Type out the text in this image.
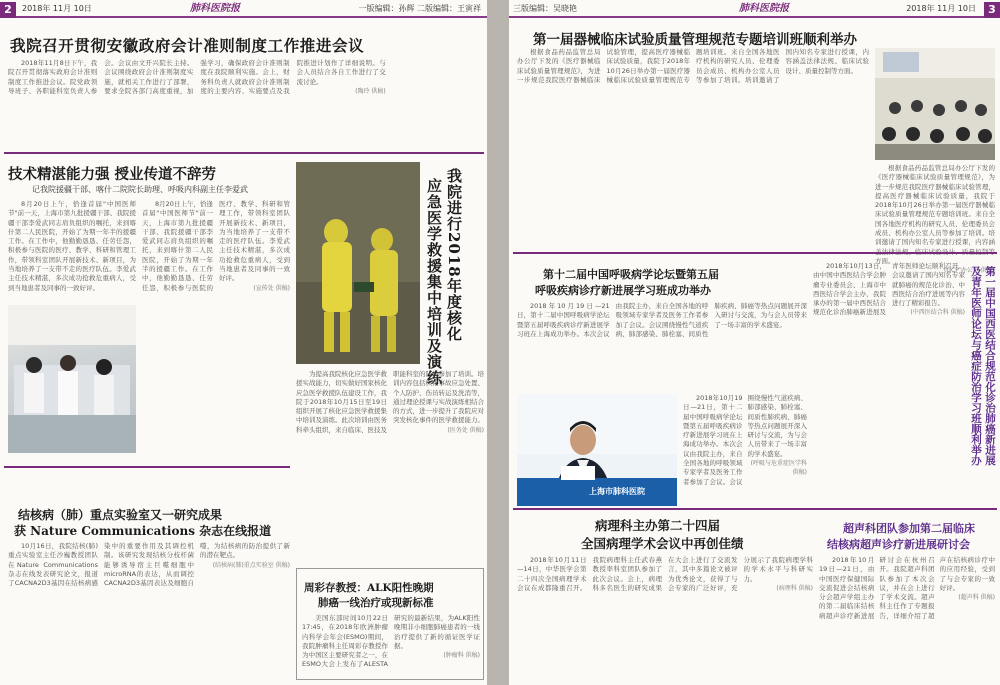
2	2018年 11月 10日	肺科医院报	一版编辑：孙辉 二版编辑：王寅祥
我院召开贯彻安徽政府会计准则制度工作推进会议

2018年11月8日下午，我院召开贯彻落实政府会计准则制度工作推进会议。院党政领导班子、各职能科室负责人参会。会议由文开兴院长主持。会议围绕政府会计准则制度实施，就相关工作进行了部署，要求全院各部门高度重视，加强学习，确保政府会计准则制度在我院顺利实施。会上，财务科负责人就政府会计准则制度的主要内容、实施要点及我院推进计划作了详细说明。与会人员结合各自工作进行了交流讨论。

(陶玲 供稿)
技术精湛能力强 授业传道不辞劳
记我院援疆干部、喀什二院院长助理、呼吸内科副主任李爱武

8月20日上午，恰逢首届"中国医师节"前一天，上海市第九批援疆干部、我院援疆干部李爱武同志肩负组织的嘱托，来到喀什第二人民医院，开始了为期一年半的援疆工作。在工作中，他勤勤恳恳、任劳任怨，积极参与医院的医疗、教学、科研和管理工作，带领科室团队开展新技术、新项目，为当地培养了一支带不走的医疗队伍。李爱武主任技术精湛，多次成功抢救危重病人，受到当地患者及同事的一致好评。

8月20日上午，恰逢首届"中国医师节"前一天，上海市第九批援疆干部、我院援疆干部李爱武同志肩负组织的嘱托，来到喀什第二人民医院，开始了为期一年半的援疆工作。在工作中，他勤勤恳恳、任劳任怨，积极参与医院的医疗、教学、科研和管理工作，带领科室团队开展新技术、新项目，为当地培养了一支带不走的医疗队伍。李爱武主任技术精湛，多次成功抢救危重病人，受到当地患者及同事的一致好评。

(宣传处 供稿)	我院进行2018年度核化
应急医学救援集中培训及演练

为提高我院核化应急医学救援实战能力，切实做好国家核化应急医学救援队伍建设工作，我院于2018年10月15日至19日组织开展了核化应急医学救援集中培训及演练。此次培训由医务科牵头组织，来自临床、医技及职能科室的队员参加了培训。培训内容包括核化事故应急处置、个人防护、伤员转运及洗消等，通过理论授课与实战演练相结合的方式，进一步提升了我院应对突发核化事件的医学救援能力。

(医务处 供稿)
结核病（肺）重点实验室又一研究成果
获 Nature Communications 杂志在线报道

10月16日，我院结核(肺)重点实验室主任沙巍教授团队在Nature Communications杂志在线发表研究论文，报道了CACNA2D3基因在结核病感染中的重要作用及其调控机制。该研究发现结核分枝杆菌能够诱导宿主巨噬细胞中microRNA的表达，从而调控CACNA2D3基因表达及细胞自噬，为结核病的防治提供了新的潜在靶点。

(结核病(肺)重点实验室 供稿)
周彩存教授：ALK阳性晚期
肺癌一线治疗或现新标准

美国东部时间10月22日17:45，在2018年欧洲肿瘤内科学会年会(ESMO)期间，我院肿瘤科主任周彩存教授作为中国区主要研究者之一，在ESMO大会上发布了ALESTA研究的最新结果，为ALK阳性晚期非小细胞肺癌患者的一线治疗提供了新的循证医学证据。

(肿瘤科 供稿)
三版编辑：吴晓艳	肺科医院报	2018年 11月 10日	3
第一届器械临床试验质量管理规范专题培训班顺利举办

根据食品药品监管总局办公厅下发的《医疗器械临床试验质量管理规范》，为进一步规范我院医疗器械临床试验管理，提高医疗器械临床试验质量，我院于2018年10月26日举办第一届医疗器械临床试验质量管理规范专题培训班。来自全国各地医疗机构的研究人员、伦理委员会成员、机构办公室人员等参加了培训。培训邀请了国内知名专家进行授课，内容涵盖法律法规、临床试验设计、质量控制等方面。

根据食品药品监管总局办公厅下发的《医疗器械临床试验质量管理规范》，为进一步规范我院医疗器械临床试验管理，提高医疗器械临床试验质量，我院于2018年10月26日举办第一届医疗器械临床试验质量管理规范专题培训班。来自全国各地医疗机构的研究人员、伦理委员会成员、机构办公室人员等参加了培训。培训邀请了国内知名专家进行授课，内容涵 方面。

(GCP 办公室 供稿)
第十二届中国呼吸病学论坛暨第五届
呼吸疾病诊疗新进展学习班成功举办

2018年10月19日—21日，第十二届中国呼吸病学论坛暨第五届呼吸疾病诊疗新进展学习班在上海成功举办。本次会议由我院主办，来自全国各地的呼吸领域专家学者及医务工作者参加了会议。会议围绕慢性气道疾病、肺部感染、肺栓塞、间质性肺疾病、肺癌等热点问题展开深入研讨与交流，为与会人员带来了一场丰富的学术盛宴。

上海市肺科医院

2018年10月19日—21日，第十二届中国呼吸病学论坛暨第五届呼吸疾病诊疗新进展学习班在上海成功举办。本次会议由我院主办，来自全国各地的呼吸领域专家学者及医务工作者参加了会议。会议围绕慢性气道疾病、肺部感染、肺栓塞、间质性肺疾病、肺癌等热点问题展开深入研讨与交流，为与会人员带来了一场丰富的学术盛宴。

(呼吸与危重症医学科 供稿)

2018年10月13日，由中国中西医结合学会肿瘤专业委员会、上海市中西医结合学会主办，我院承办的第一届中西医结合规范化诊治肺癌新进展及青年医师论坛顺利召开。会议邀请了国内知名专家就肺癌的规范化诊治、中西医结合治疗进展等内容进行了精彩报告。

(中西医结合科 供稿) 第一届中国西医结合规范化诊治肺癌新进展
及青年医师论坛与癌症防治学习班顺利举办
病理科主办第二十四届
全国病理学术会议中再创佳绩

2018年10月11日—14日，中华医学会第二十四次全国病理学术会议在成都隆重召开。我院病理科主任武春燕教授率科室团队参加了此次会议。会上，病理科多名医生的研究成果在大会上进行了交流发言，其中多篇论文被评为优秀论文，获得了与会专家的广泛好评，充分展示了我院病理学科的学术水平与科研实力。

(病理科 供稿)
超声科团队参加第二届临床
结核病超声诊疗新进展研讨会

2018年10月19日—21日，由中国医疗保健国际交流促进会结核病分会超声学组主办的第二届临床结核病超声诊疗新进展研讨会在杭州召开。我院超声科团队参加了本次会议，并在会上进行了学术交流。超声科主任作了专题报告，详细介绍了超声在结核病诊疗中的应用经验，受到了与会专家的一致好评。

(超声科 供稿)
